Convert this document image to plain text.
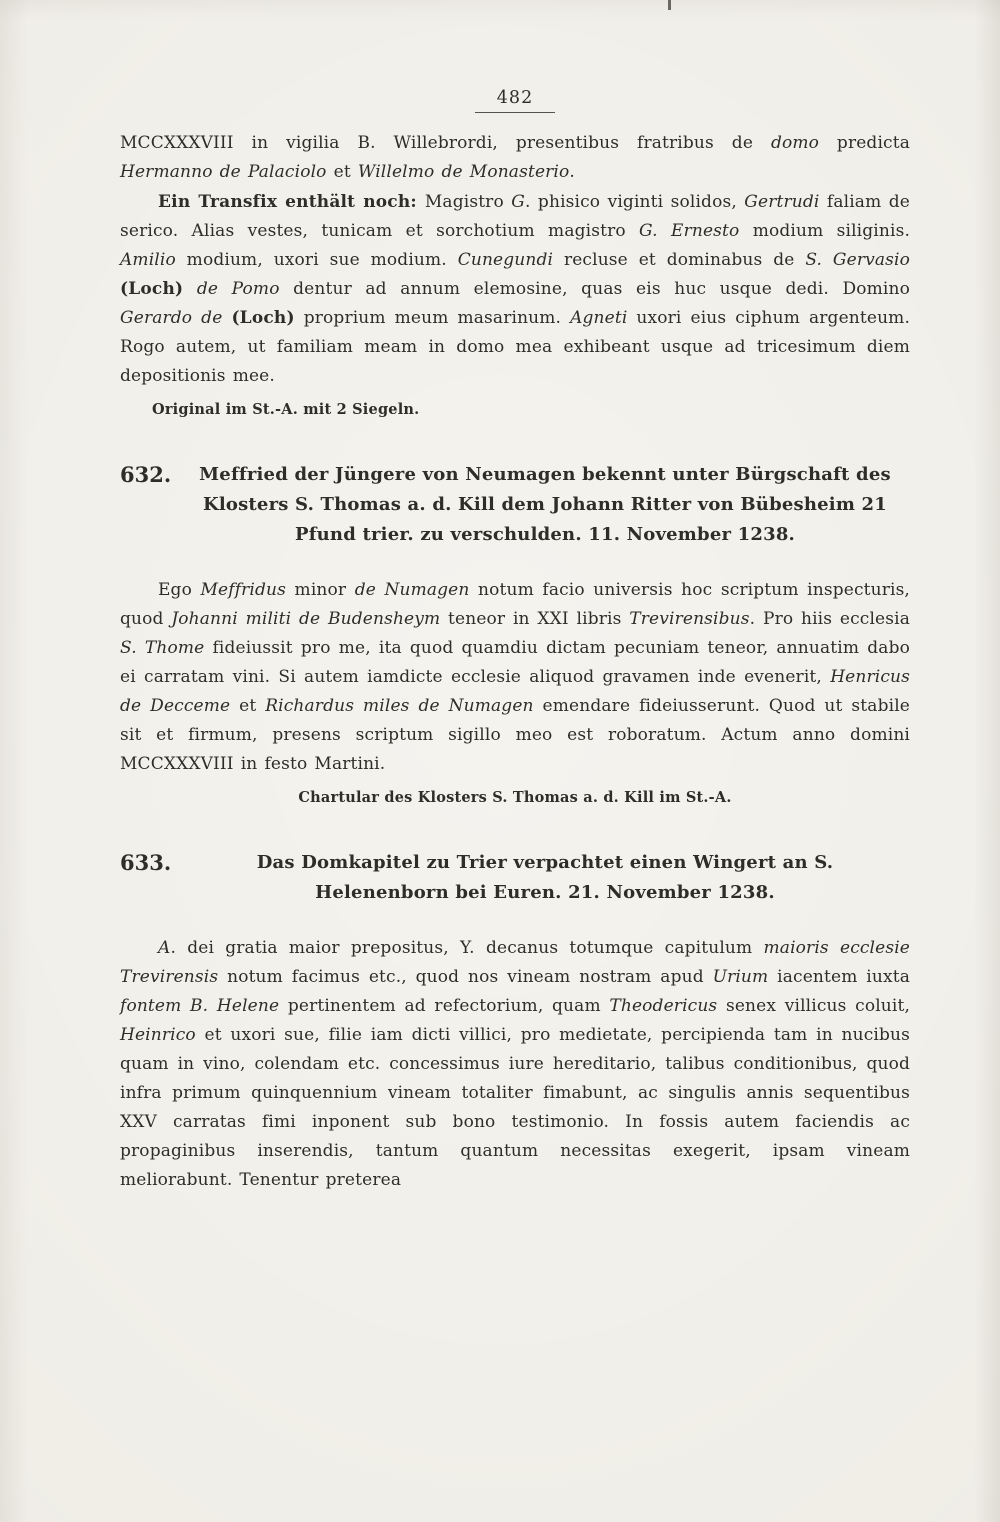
482

MCCXXXVIII in vigilia B. Willebrordi, presentibus fratribus de domo predicta Hermanno de Palaciolo et Willelmo de Monasterio.

Ein Transfix enthält noch: Magistro G. phisico viginti solidos, Gertrudi faliam de serico. Alias vestes, tunicam et sorchotium magistro G. Ernesto modium siliginis. Amilio modium, uxori sue modium. Cunegundi recluse et dominabus de S. Gervasio (Loch) de Pomo dentur ad annum elemosine, quas eis huc usque dedi. Domino Gerardo de (Loch) proprium meum masarinum. Agneti uxori eius ciphum argenteum. Rogo autem, ut familiam meam in domo mea exhibeant usque ad tricesimum diem depositionis mee.

Original im St.-A. mit 2 Siegeln.

632.	Meffried der Jüngere von Neumagen bekennt unter Bürgschaft des Klosters S. Thomas a. d. Kill dem Johann Ritter von Bübesheim 21 Pfund trier. zu verschulden. 11. November 1238.

Ego Meffridus minor de Numagen notum facio universis hoc scriptum inspecturis, quod Johanni militi de Budensheym teneor in XXI libris Trevirensibus. Pro hiis ecclesia S. Thome fideiussit pro me, ita quod quamdiu dictam pecuniam teneor, annuatim dabo ei carratam vini. Si autem iamdicte ecclesie aliquod gravamen inde evenerit, Henricus de Decceme et Richardus miles de Numagen emendare fideiusserunt. Quod ut stabile sit et firmum, presens scriptum sigillo meo est roboratum. Actum anno domini MCCXXXVIII in festo Martini.

Chartular des Klosters S. Thomas a. d. Kill im St.-A.

633.	Das Domkapitel zu Trier verpachtet einen Wingert an S. Helenenborn bei Euren. 21. November 1238.

A. dei gratia maior prepositus, Y. decanus totumque capitulum maioris ecclesie Trevirensis notum facimus etc., quod nos vineam nostram apud Urium iacentem iuxta fontem B. Helene pertinentem ad refectorium, quam Theodericus senex villicus coluit, Heinrico et uxori sue, filie iam dicti villici, pro medietate, percipienda tam in nucibus quam in vino, colendam etc. concessimus iure hereditario, talibus conditionibus, quod infra primum quinquennium vineam totaliter fimabunt, ac singulis annis sequentibus XXV carratas fimi inponent sub bono testimonio. In fossis autem faciendis ac propaginibus inserendis, tantum quantum necessitas exegerit, ipsam vineam meliorabunt. Tenentur preterea
